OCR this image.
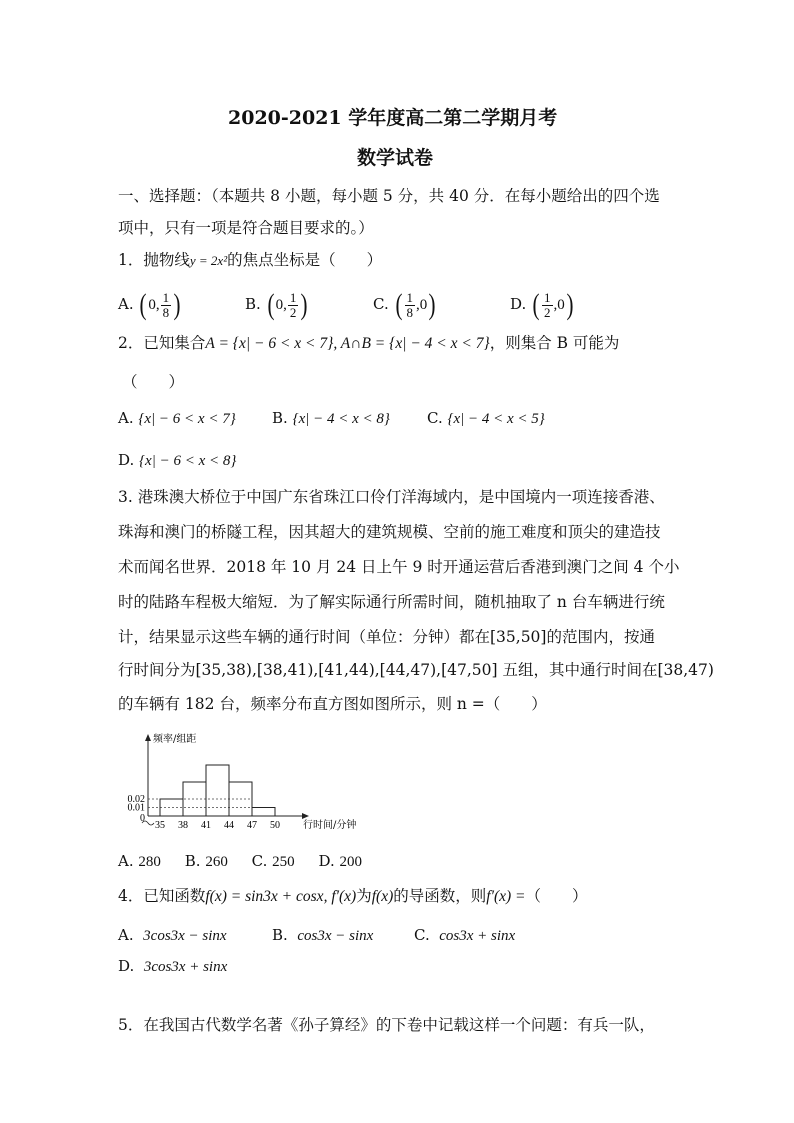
2020-2021 学年度高二第二学期月考
数学试卷
一、选择题：（本题共 8 小题，每小题 5 分，共 40 分．在每小题给出的四个选
项中，只有一项是符合题目要求的。）
1．抛物线y = 2x²的焦点坐标是（　　）
A. ( 0, $\frac{1}{8}$ )	B. ( 0, $\frac{1}{2}$ )	C. ( $\frac{1}{8} ,0$)	D. ( $\frac{1}{2} ,0$)
2．已知集合A = {x| − 6 < x < 7}, A∩B = {x| − 4 < x < 7}，则集合 B 可能为
（　　）
A. {x| − 6 < x < 7} B. {x| − 4 < x < 8} C. {x| − 4 < x < 5}
D. {x| − 6 < x < 8}
3. 港珠澳大桥位于中国广东省珠江口伶仃洋海域内，是中国境内一项连接香港、
珠海和澳门的桥隧工程，因其超大的建筑规模、空前的施工难度和顶尖的建造技
术而闻名世界．2018 年 10 月 24 日上午 9 时开通运营后香港到澳门之间 4 个小
时的陆路车程极大缩短．为了解实际通行所需时间，随机抽取了 n 台车辆进行统
计，结果显示这些车辆的通行时间（单位：分钟）都在[35,50]的范围内，按通
行时间分为[35,38),[38,41),[41,44),[44,47),[47,50] 五组，其中通行时间在[38,47)
的车辆有 182 台，频率分布直方图如图所示，则 n =（　　）
0.02
0.01
0
35 38 41 44 47 50
频率/组距
行时间/分钟
A. 280 B. 260 C. 250 D. 200
4．已知函数f(x) = sin3x + cosx, f′(x)为f(x)的导函数，则f′(x) =（　　）
A. 3cos3x − sinx	B. cos3x − sinx	C. cos3x + sinx
D. 3cos3x + sinx
5．在我国古代数学名著《孙子算经》的下卷中记载这样一个问题：有兵一队，
